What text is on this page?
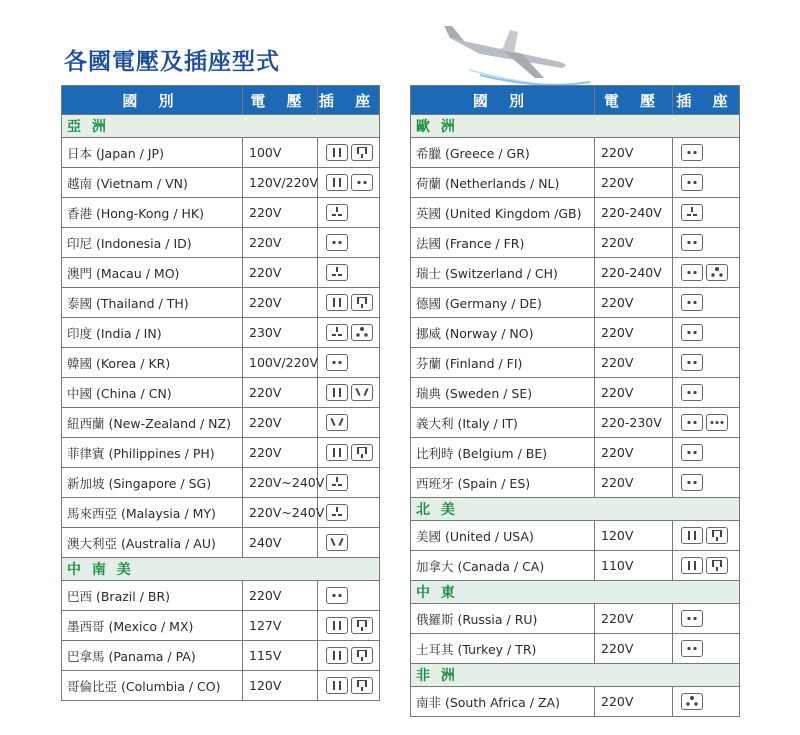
各國電壓及插座型式
國 別	電 壓	插 座
亞 洲		
日本 (Japan / JP)	100V	

越南 (Vietnam / VN)	120V/220V	

香港 (Hong-Kong / HK)	220V	

印尼 (Indonesia / ID)	220V	

澳門 (Macau / MO)	220V	

泰國 (Thailand / TH)	220V	

印度 (India / IN)	230V	

韓國 (Korea / KR)	100V/220V	

中國 (China / CN)	220V	

紐西蘭 (New-Zealand / NZ)	220V	

菲律賓 (Philippines / PH)	220V	

新加坡 (Singapore / SG)	220V~240V	

馬來西亞 (Malaysia / MY)	220V~240V	

澳大利亞 (Australia / AU)	240V	

中 南 美		
巴西 (Brazil / BR)	220V	

墨西哥 (Mexico / MX)	127V	

巴拿馬 (Panama / PA)	115V	

哥倫比亞 (Columbia / CO)	120V	
國 別	電 壓	插 座
歐 洲		
希臘 (Greece / GR)	220V	

荷蘭 (Netherlands / NL)	220V	

英國 (United Kingdom /GB)	220-240V	

法國 (France / FR)	220V	

瑞士 (Switzerland / CH)	220-240V	

德國 (Germany / DE)	220V	

挪威 (Norway / NO)	220V	

芬蘭 (Finland / FI)	220V	

瑞典 (Sweden / SE)	220V	

義大利 (Italy / IT)	220-230V	

比利時 (Belgium / BE)	220V	

西班牙 (Spain / ES)	220V	

北 美		
美國 (United / USA)	120V	

加拿大 (Canada / CA)	110V	

中 東		
俄羅斯 (Russia / RU)	220V	

土耳其 (Turkey / TR)	220V	

非 洲		
南非 (South Africa / ZA)	220V	
